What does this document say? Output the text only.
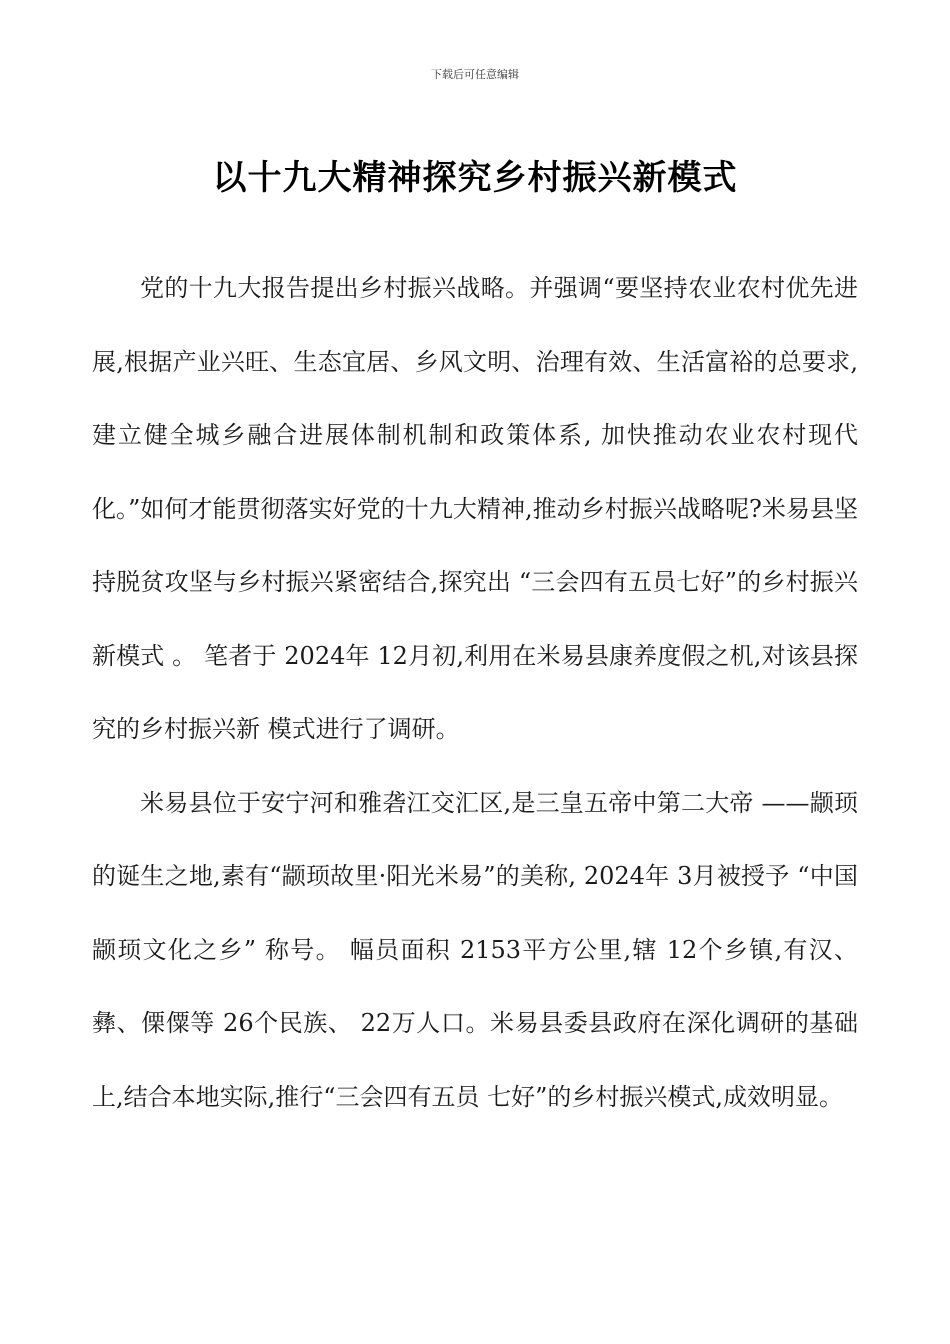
下载后可任意编辑
以十九大精神探究乡村振兴新模式

党的十九大报告提出乡村振兴战略。并强调“要坚持农业农村优先进展,根据产业兴旺、生态宜居、乡风文明、治理有效、生活富裕的总要求, 建立健全城乡融合进展体制机制和政策体系, 加快推动农业农村现代化。”如何才能贯彻落实好党的十九大精神,推动乡村振兴战略呢?米易县坚持脱贫攻坚与乡村振兴紧密结合,探究出 “三会四有五员七好”的乡村振兴新模式 。 笔者于 2024年 12月初,利用在米易县康养度假之机,对该县探究的乡村振兴新 模式进行了调研。

米易县位于安宁河和雅砻江交汇区,是三皇五帝中第二大帝 ——颛顼的诞生之地,素有“颛顼故里·阳光米易”的美称, 2024年 3月被授予 “中国颛顼文化之乡” 称号。 幅员面积 2153平方公里,辖 12个乡镇,有汉、彝、傈僳等 26个民族、 22万人口。米易县委县政府在深化调研的基础上,结合本地实际,推行“三会四有五员 七好”的乡村振兴模式,成效明显。
